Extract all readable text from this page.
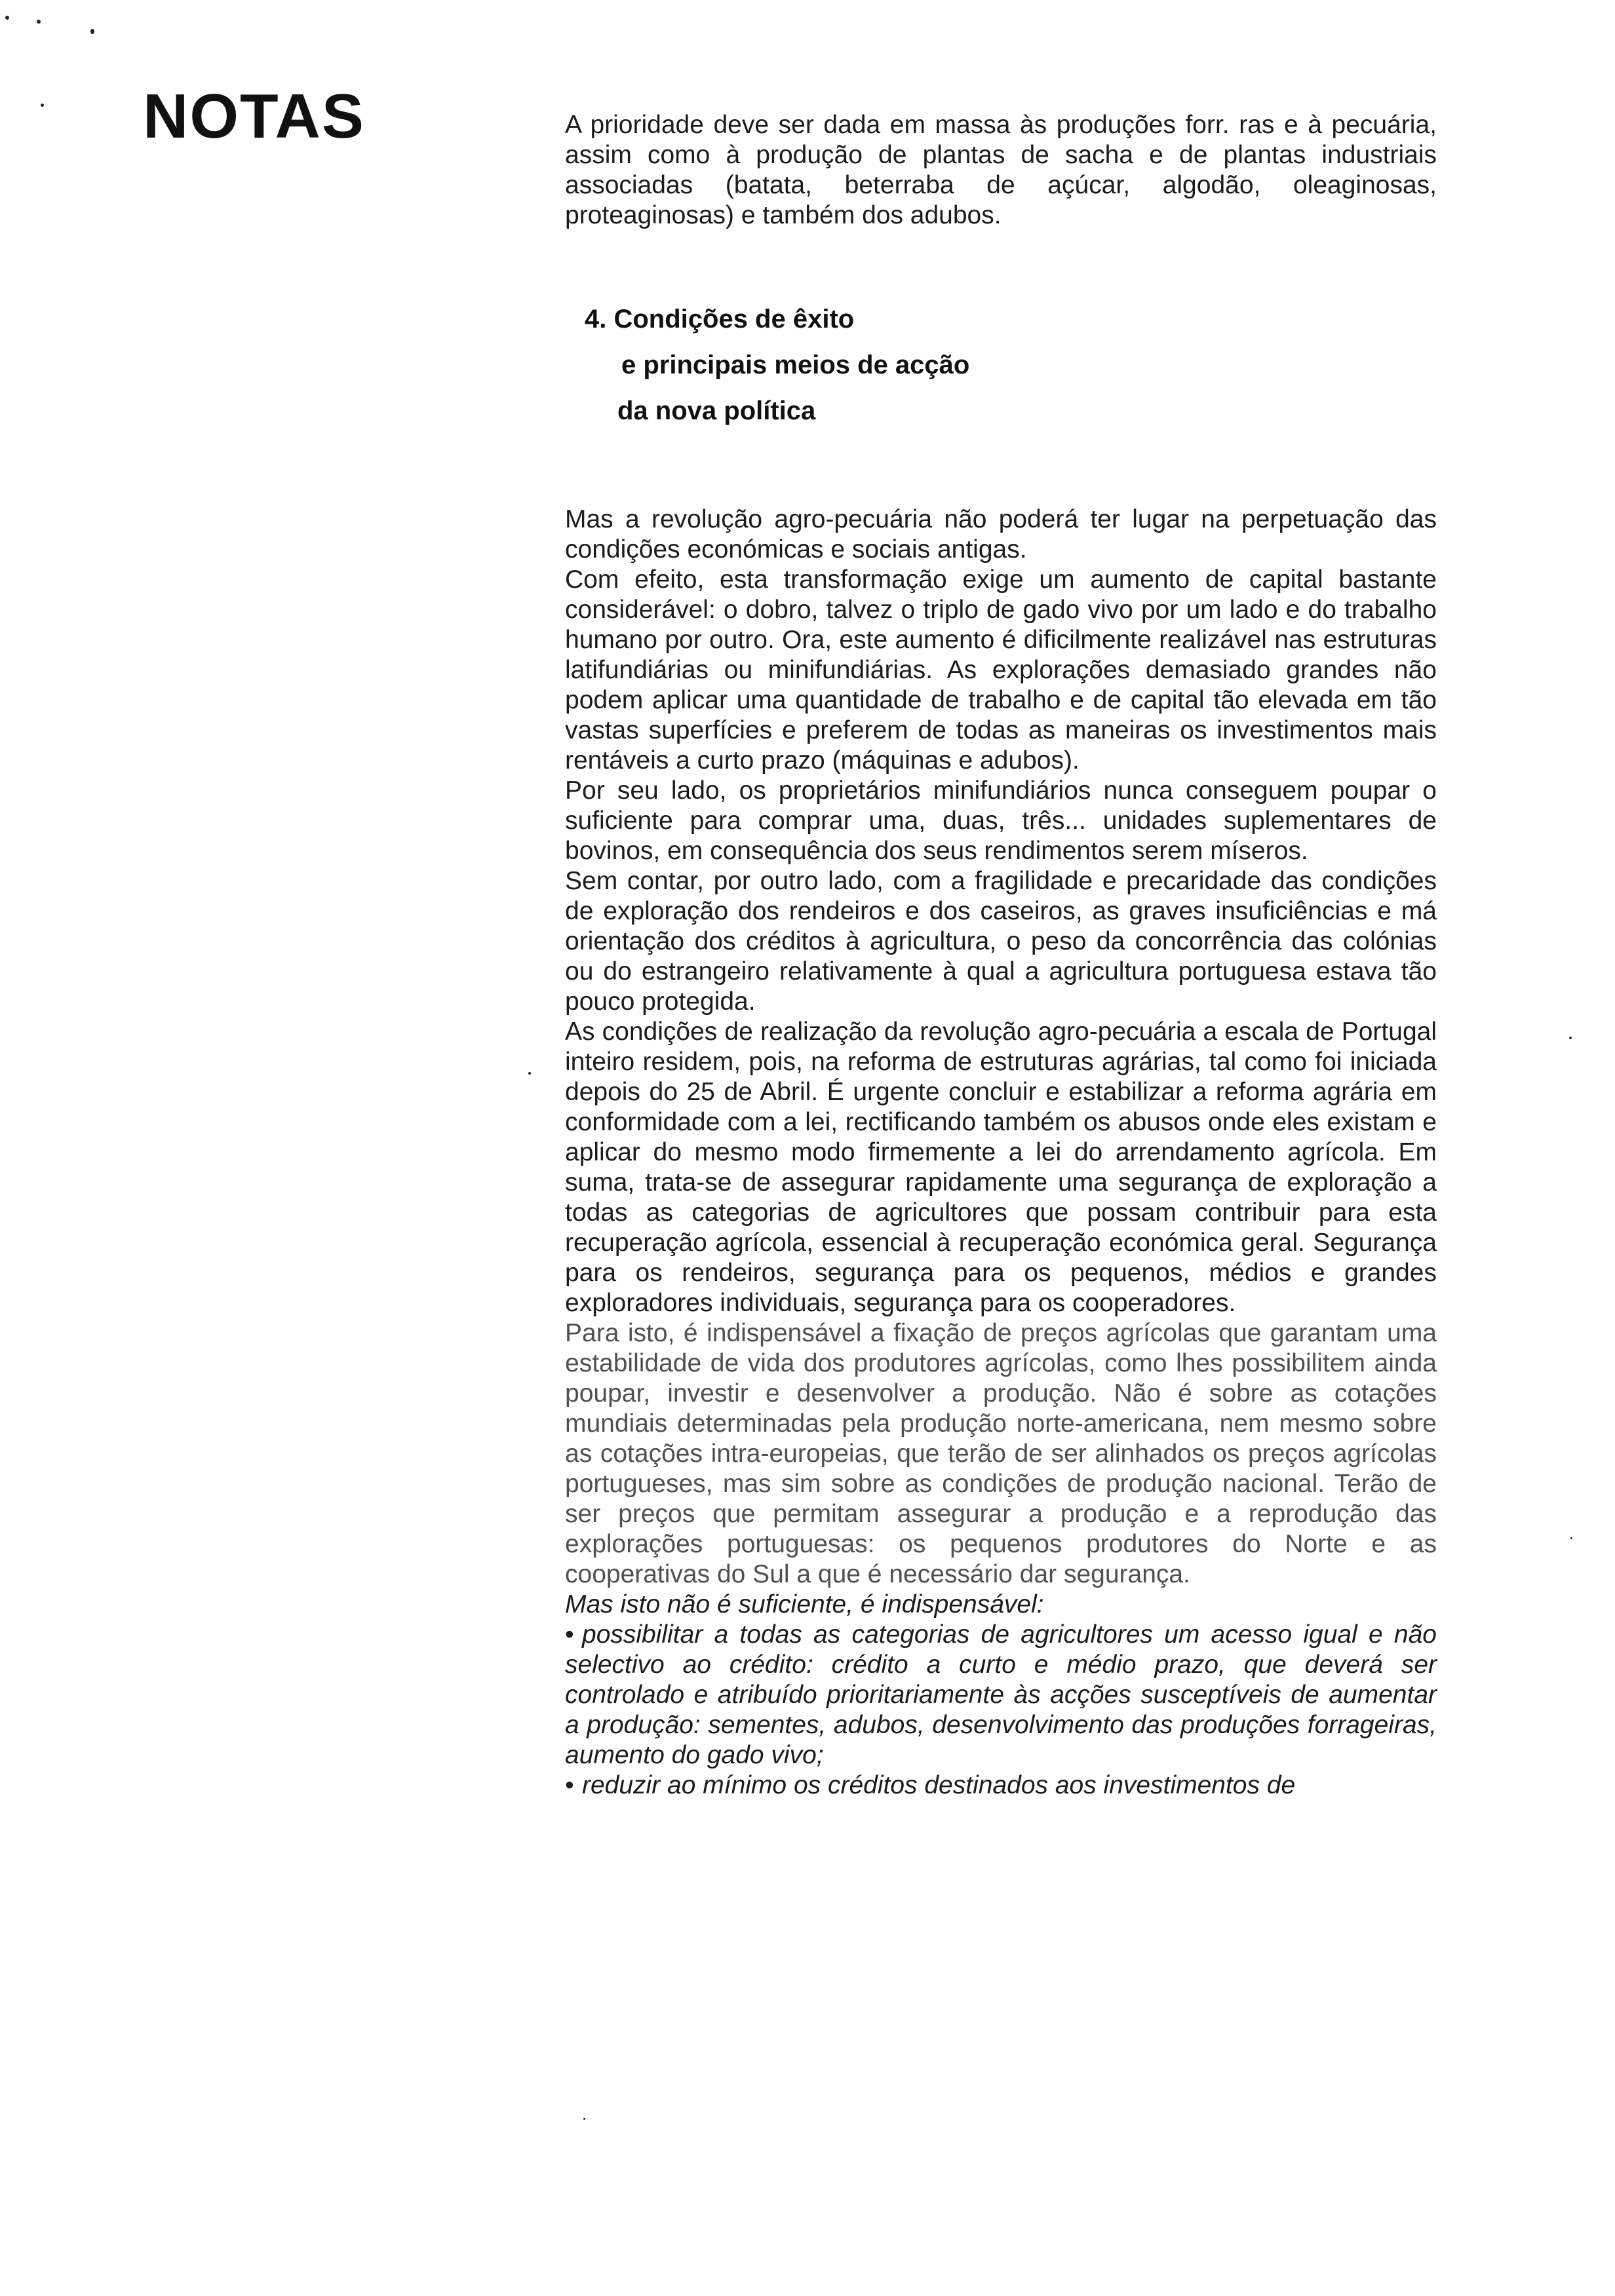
NOTAS	A prioridade deve ser dada em massa às produções forr. ras e à pecuária, assim como à produção de plantas de sacha e de plantas industriais associadas (batata, beterraba de açúcar, algodão, oleaginosas, proteaginosas) e também dos adubos.

4. Condições de êxito
e principais meios de acção
da nova política

Mas a revolução agro-pecuária não poderá ter lugar na perpetuação das condições económicas e sociais antigas.

Com efeito, esta transformação exige um aumento de capital bastante considerável: o dobro, talvez o triplo de gado vivo por um lado e do trabalho humano por outro. Ora, este aumento é dificilmente realizável nas estruturas latifundiárias ou minifundiárias. As explorações demasiado grandes não podem aplicar uma quantidade de trabalho e de capital tão elevada em tão vastas superfícies e preferem de todas as maneiras os investimentos mais rentáveis a curto prazo (máquinas e adubos).

Por seu lado, os proprietários minifundiários nunca conseguem poupar o suficiente para comprar uma, duas, três... unidades suplementares de bovinos, em consequência dos seus rendimentos serem míseros.

Sem contar, por outro lado, com a fragilidade e precaridade das condições de exploração dos rendeiros e dos caseiros, as graves insuficiências e má orientação dos créditos à agricultura, o peso da concorrência das colónias ou do estrangeiro relativamente à qual a agricultura portuguesa estava tão pouco protegida.

As condições de realização da revolução agro-pecuária a escala de Portugal inteiro residem, pois, na reforma de estruturas agrárias, tal como foi iniciada depois do 25 de Abril. É urgente concluir e estabilizar a reforma agrária em conformidade com a lei, rectificando também os abusos onde eles existam e aplicar do mesmo modo firmemente a lei do arrendamento agrícola. Em suma, trata-se de assegurar rapidamente uma segurança de exploração a todas as categorias de agricultores que possam contribuir para esta recuperação agrícola, essencial à recuperação económica geral. Segurança para os rendeiros, segurança para os pequenos, médios e grandes exploradores individuais, segurança para os cooperadores.

Para isto, é indispensável a fixação de preços agrícolas que garantam uma estabilidade de vida dos produtores agrícolas, como lhes possibilitem ainda poupar, investir e desenvolver a produção. Não é sobre as cotações mundiais determinadas pela produção norte-americana, nem mesmo sobre as cotações intra-europeias, que terão de ser alinhados os preços agrícolas portugueses, mas sim sobre as condições de produção nacional. Terão de ser preços que permitam assegurar a produção e a reprodução das explorações portuguesas: os pequenos produtores do Norte e as cooperativas do Sul a que é necessário dar segurança.

Mas isto não é suficiente, é indispensável:

• possibilitar a todas as categorias de agricultores um acesso igual e não selectivo ao crédito: crédito a curto e médio prazo, que deverá ser controlado e atribuído prioritariamente às acções susceptíveis de aumentar a produção: sementes, adubos, desenvolvimento das produções forrageiras, aumento do gado vivo;

• reduzir ao mínimo os créditos destinados aos investimentos de
